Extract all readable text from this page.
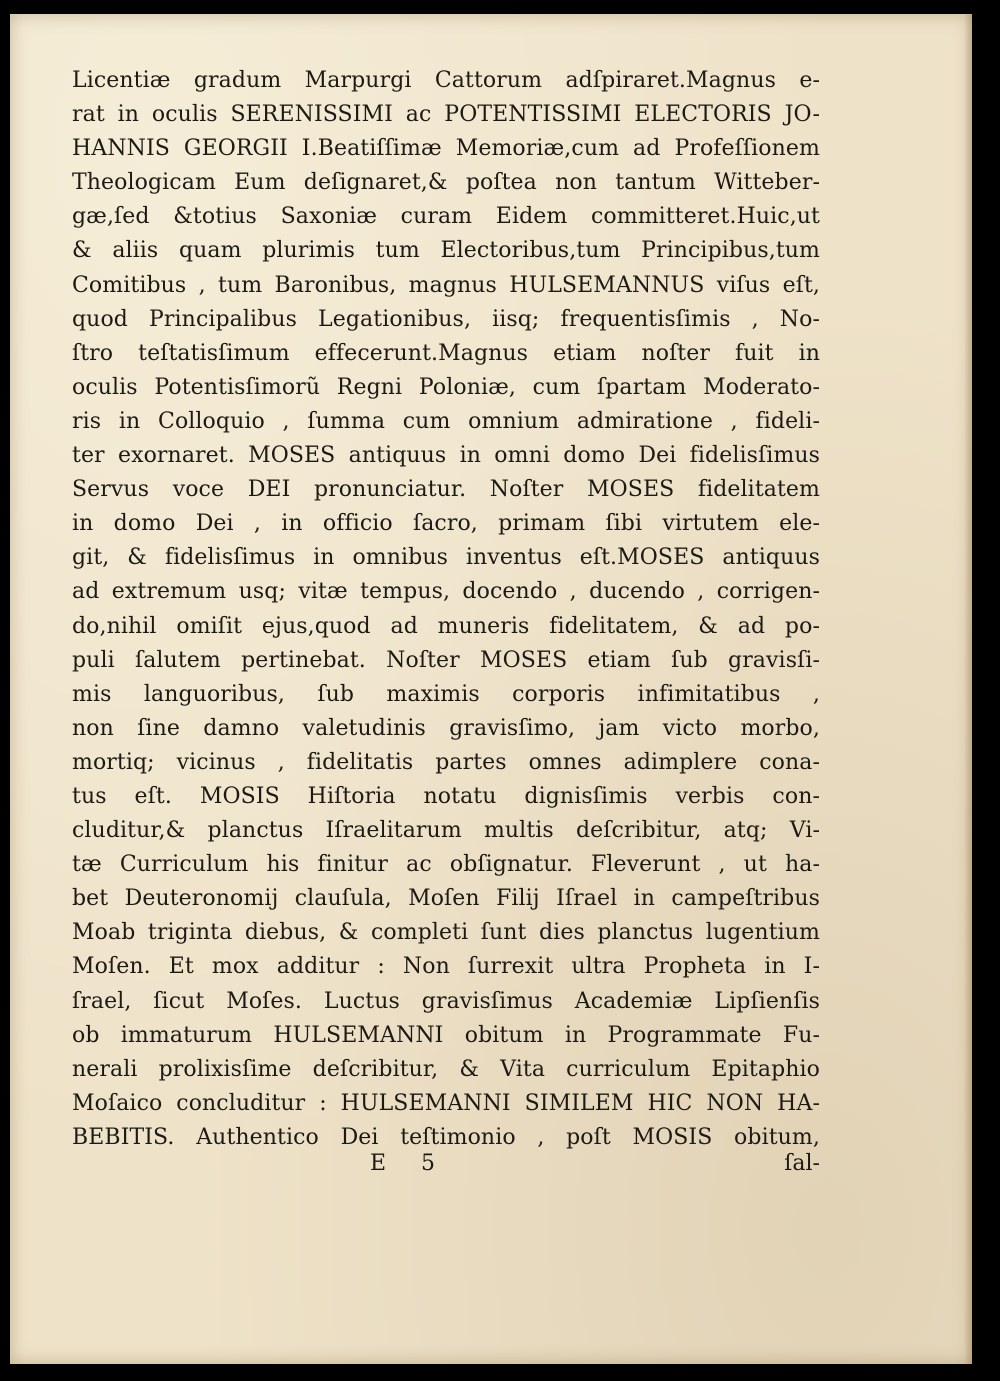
Licentiæ gradum Marpurgi Cattorum adſpiraret.Magnus e-
rat in oculis SERENISSIMI ac POTENTISSIMI ELECTORIS JO-
HANNIS GEORGII I.Beatiſſimæ Memoriæ,cum ad Profeſſionem
Theologicam Eum deſignaret,& poſtea non tantum Witteber-
gæ,ſed &totius Saxoniæ curam Eidem committeret.Huic,ut
& aliis quam plurimis tum Electoribus,tum Principibus,tum
Comitibus , tum Baronibus, magnus HULSEMANNUS viſus eſt,
quod Principalibus Legationibus, iisq; frequentisſimis , No-
ſtro teſtatisſimum effecerunt.Magnus etiam noſter fuit in
oculis Potentisſimorũ Regni Poloniæ, cum ſpartam Moderato-
ris in Colloquio , ſumma cum omnium admiratione , fideli-
ter exornaret. MOSES antiquus in omni domo Dei fidelisſimus
Servus voce DEI pronunciatur. Noſter MOSES fidelitatem
in domo Dei , in officio ſacro, primam ſibi virtutem ele-
git, & fidelisſimus in omnibus inventus eſt.MOSES antiquus
ad extremum usq; vitæ tempus, docendo , ducendo , corrigen-
do,nihil omiſit ejus,quod ad muneris fidelitatem, & ad po-
puli ſalutem pertinebat. Noſter MOSES etiam ſub gravisſi-
mis languoribus, ſub maximis corporis infimitatibus ,
non ſine damno valetudinis gravisſimo, jam victo morbo,
mortiq; vicinus , fidelitatis partes omnes adimplere cona-
tus eſt. MOSIS Hiſtoria notatu dignisſimis verbis con-
cluditur,& planctus Iſraelitarum multis deſcribitur, atq; Vi-
tæ Curriculum his finitur ac obſignatur. Fleverunt , ut ha-
bet Deuteronomij clauſula, Moſen Filij Iſrael in campeſtribus
Moab triginta diebus, & completi ſunt dies planctus lugentium
Moſen. Et mox additur : Non ſurrexit ultra Propheta in I-
ſrael, ſicut Moſes. Luctus gravisſimus Academiæ Lipſienſis
ob immaturum HULSEMANNI obitum in Programmate Fu-
nerali prolixisſime deſcribitur, & Vita curriculum Epitaphio
Moſaico concluditur : HULSEMANNI SIMILEM HIC NON HA-
BEBITIS. Authentico Dei teſtimonio , poſt MOSIS obitum,
E 5	ſal-
